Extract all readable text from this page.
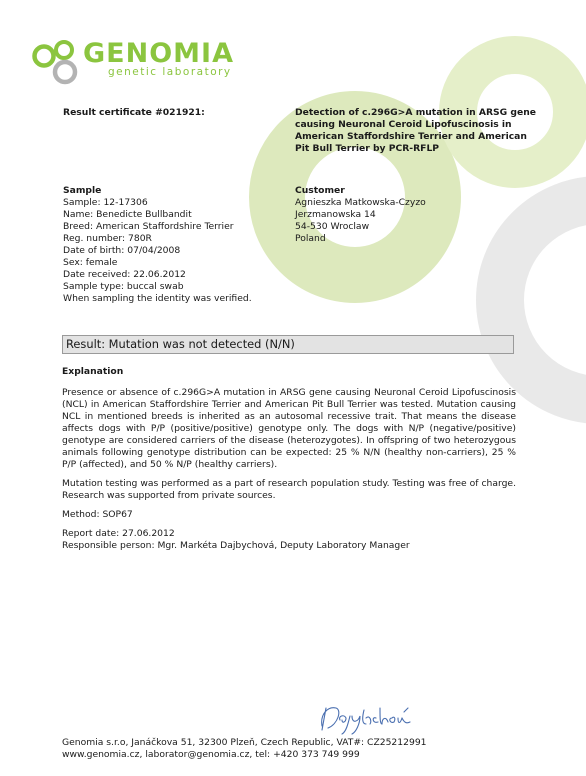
GENOMIA
genetic laboratory
Result certificate #021921:	Detection of c.296G>A mutation in ARSG gene
causing Neuronal Ceroid Lipofuscinosis in
American Staffordshire Terrier and American
Pit Bull Terrier by PCR-RFLP
Sample
Sample: 12-17306
Name: Benedicte Bullbandit
Breed: American Staffordshire Terrier
Reg. number: 780R
Date of birth: 07/04/2008
Sex: female
Date received: 22.06.2012
Sample type: buccal swab
When sampling the identity was verified.
Customer
Agnieszka Matkowska-Czyzo
Jerzmanowska 14
54-530 Wroclaw
Poland
Result: Mutation was not detected (N/N)

Explanation

Presence or absence of c.296G>A mutation in ARSG gene causing Neuronal Ceroid Lipofuscinosis (NCL) in American Staffordshire Terrier and American Pit Bull Terrier was tested. Mutation causing NCL in mentioned breeds is inherited as an autosomal recessive trait. That means the disease affects dogs with P/P (positive/positive) genotype only. The dogs with N/P (negative/positive) genotype are considered carriers of the disease (heterozygotes). In offspring of two heterozygous animals following genotype distribution can be expected: 25 % N/N (healthy non-carriers), 25 % P/P (affected), and 50 % N/P (healthy carriers).

Mutation testing was performed as a part of research population study. Testing was free of charge. Research was supported from private sources.

Method: SOP67

Report date: 27.06.2012

Responsible person: Mgr. Markéta Dajbychová, Deputy Laboratory Manager

Genomia s.r.o, Janáčkova 51, 32300 Plzeň, Czech Republic, VAT#: CZ25212991
www.genomia.cz, laborator@genomia.cz, tel: +420 373 749 999
